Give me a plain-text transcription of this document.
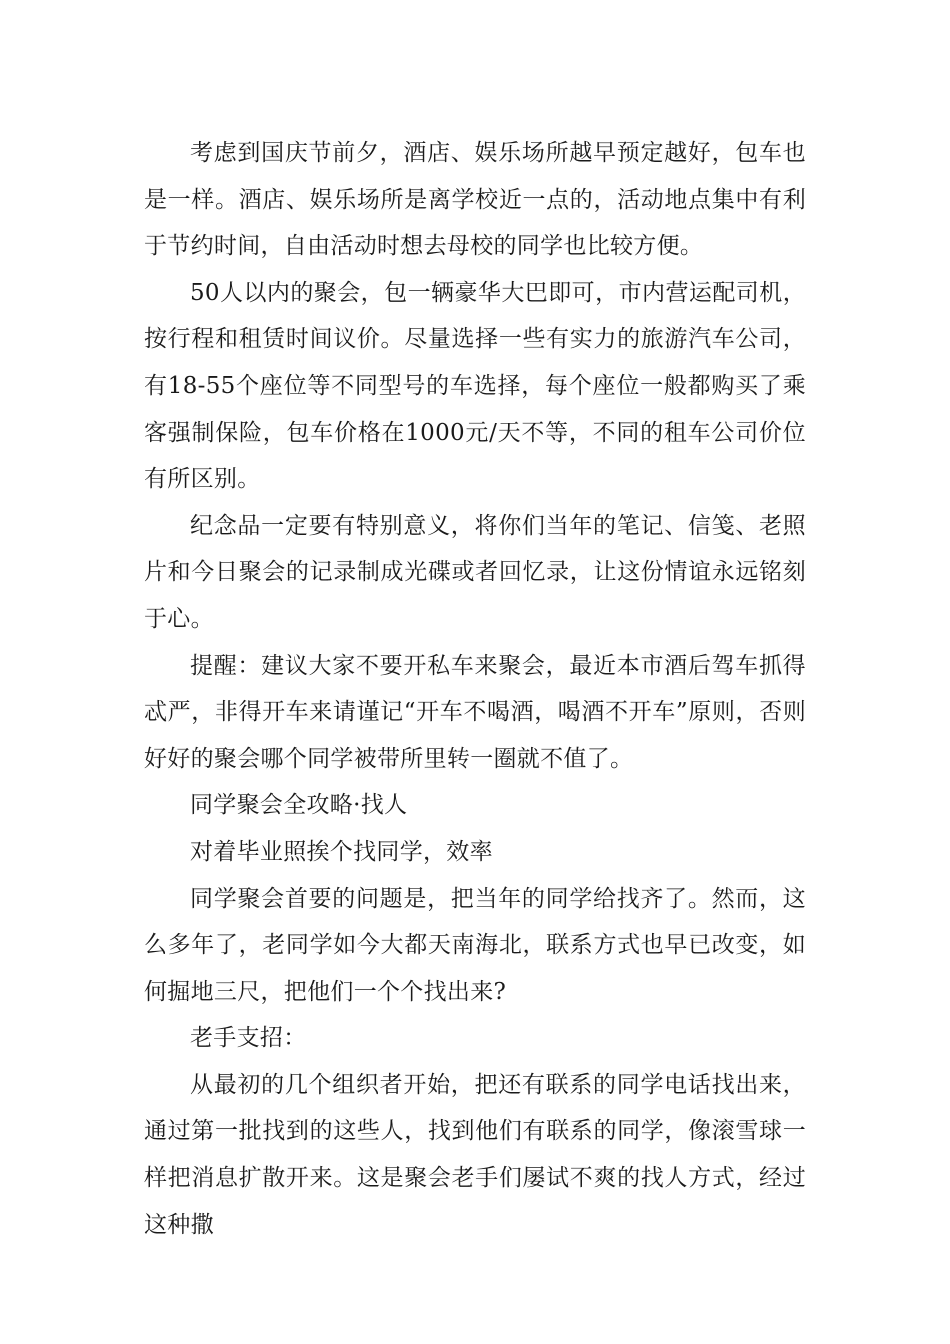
考虑到国庆节前夕，酒店、娱乐场所越早预定越好，包车也是一样。酒店、娱乐场所是离学校近一点的，活动地点集中有利于节约时间，自由活动时想去母校的同学也比较方便。

50人以内的聚会，包一辆豪华大巴即可，市内营运配司机，按行程和租赁时间议价。尽量选择一些有实力的旅游汽车公司，有18-55个座位等不同型号的车选择，每个座位一般都购买了乘客强制保险，包车价格在1000元/天不等，不同的租车公司价位有所区别。

纪念品一定要有特别意义，将你们当年的笔记、信笺、老照片和今日聚会的记录制成光碟或者回忆录，让这份情谊永远铭刻于心。

提醒：建议大家不要开私车来聚会，最近本市酒后驾车抓得忒严，非得开车来请谨记“开车不喝酒，喝酒不开车”原则，否则好好的聚会哪个同学被带所里转一圈就不值了。

同学聚会全攻略·找人

对着毕业照挨个找同学，效率

同学聚会首要的问题是，把当年的同学给找齐了。然而，这么多年了，老同学如今大都天南海北，联系方式也早已改变，如何掘地三尺，把他们一个个找出来?

老手支招：

从最初的几个组织者开始，把还有联系的同学电话找出来，通过第一批找到的这些人，找到他们有联系的同学，像滚雪球一样把消息扩散开来。这是聚会老手们屡试不爽的找人方式，经过这种撒
